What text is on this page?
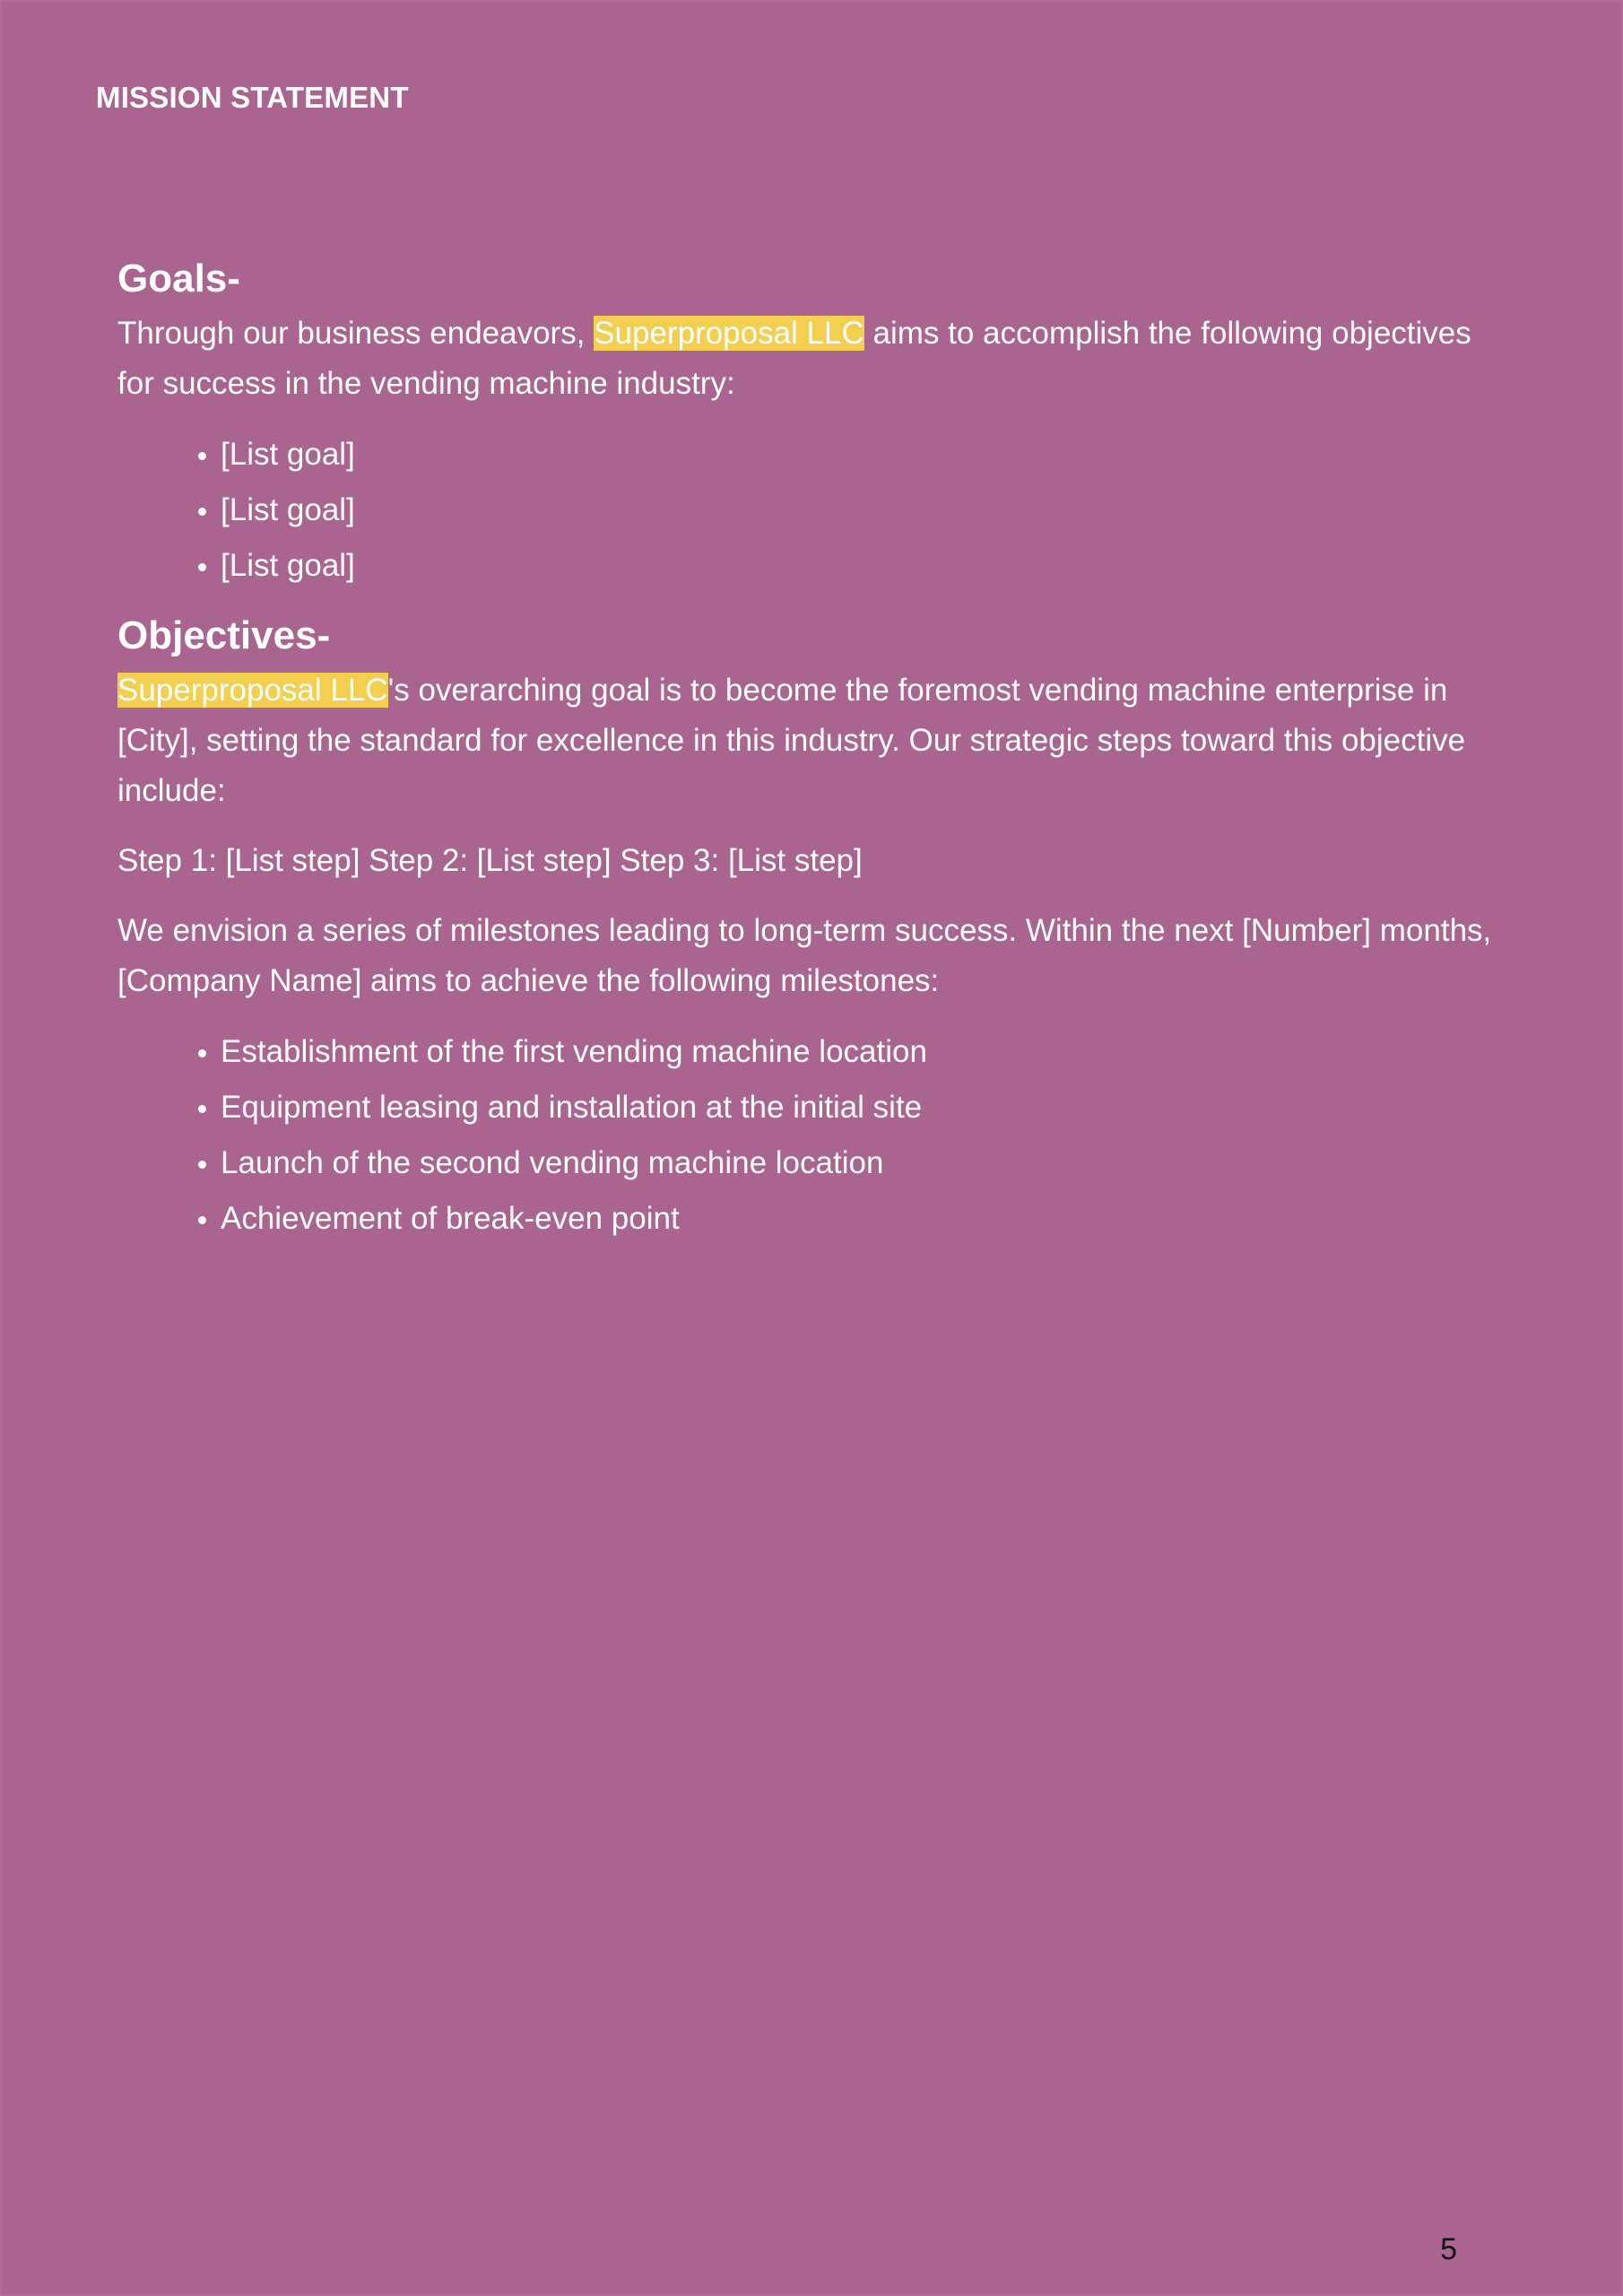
MISSION STATEMENT
Goals-

Through our business endeavors, Superproposal LLC aims to accomplish the following objectives for success in the vending machine industry:

[List goal]
[List goal]
[List goal]
Objectives-

Superproposal LLC's overarching goal is to become the foremost vending machine enterprise in [City], setting the standard for excellence in this industry. Our strategic steps toward this objective include:

Step 1: [List step] Step 2: [List step] Step 3: [List step]

We envision a series of milestones leading to long-term success. Within the next [Number] months, [Company Name] aims to achieve the following milestones:

Establishment of the first vending machine location
Equipment leasing and installation at the initial site
Launch of the second vending machine location
Achievement of break-even point

5
